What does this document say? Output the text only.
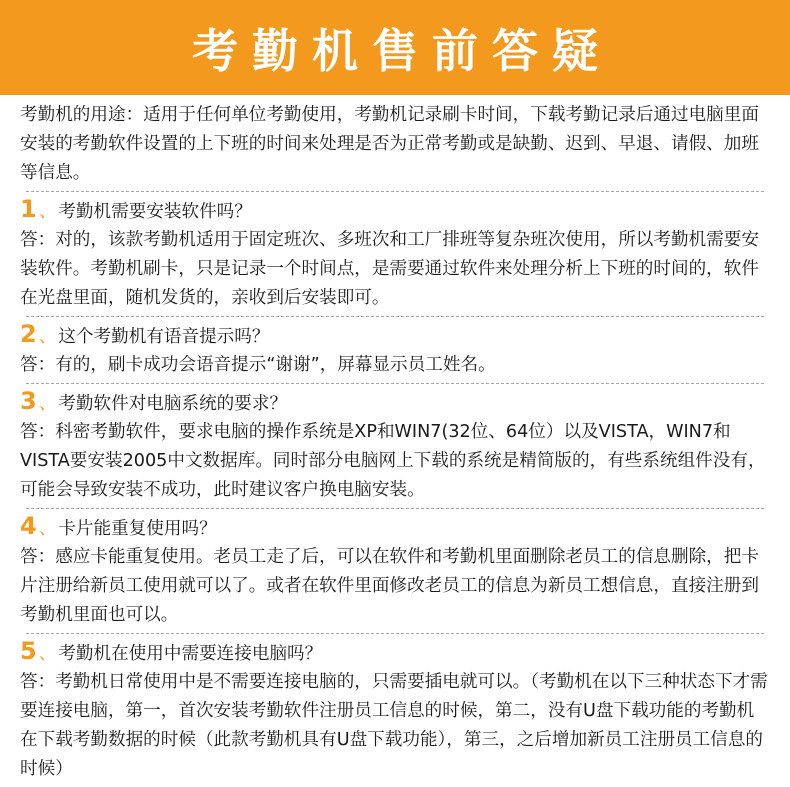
考勤机售前答疑

考勤机的用途：适用于任何单位考勤使用，考勤机记录刷卡时间，下载考勤记录后通过电脑里面安装的考勤软件设置的上下班的时间来处理是否为正常考勤或是缺勤、迟到、早退、请假、加班等信息。

1 、 考勤机需要安装软件吗？

答：对的，该款考勤机适用于固定班次、多班次和工厂排班等复杂班次使用，所以考勤机需要安装软件。考勤机刷卡，只是记录一个时间点，是需要通过软件来处理分析上下班的时间的，软件在光盘里面，随机发货的，亲收到后安装即可。

2 、 这个考勤机有语音提示吗？

答：有的，刷卡成功会语音提示“谢谢”，屏幕显示员工姓名。

3 、 考勤软件对电脑系统的要求？

答：科密考勤软件，要求电脑的操作系统是XP和WIN7(32位、64位）以及VISTA，WIN7和VISTA要安装2005中文数据库。同时部分电脑网上下载的系统是精简版的，有些系统组件没有，可能会导致安装不成功，此时建议客户换电脑安装。

4 、 卡片能重复使用吗？

答：感应卡能重复使用。老员工走了后，可以在软件和考勤机里面删除老员工的信息删除，把卡片注册给新员工使用就可以了。或者在软件里面修改老员工的信息为新员工想信息，直接注册到考勤机里面也可以。

5 、 考勤机在使用中需要连接电脑吗？

答：考勤机日常使用中是不需要连接电脑的，只需要插电就可以。（考勤机在以下三种状态下才需要连接电脑，第一，首次安装考勤软件注册员工信息的时候，第二，没有U盘下载功能的考勤机在下载考勤数据的时候（此款考勤机具有U盘下载功能），第三，之后增加新员工注册员工信息的时候）
